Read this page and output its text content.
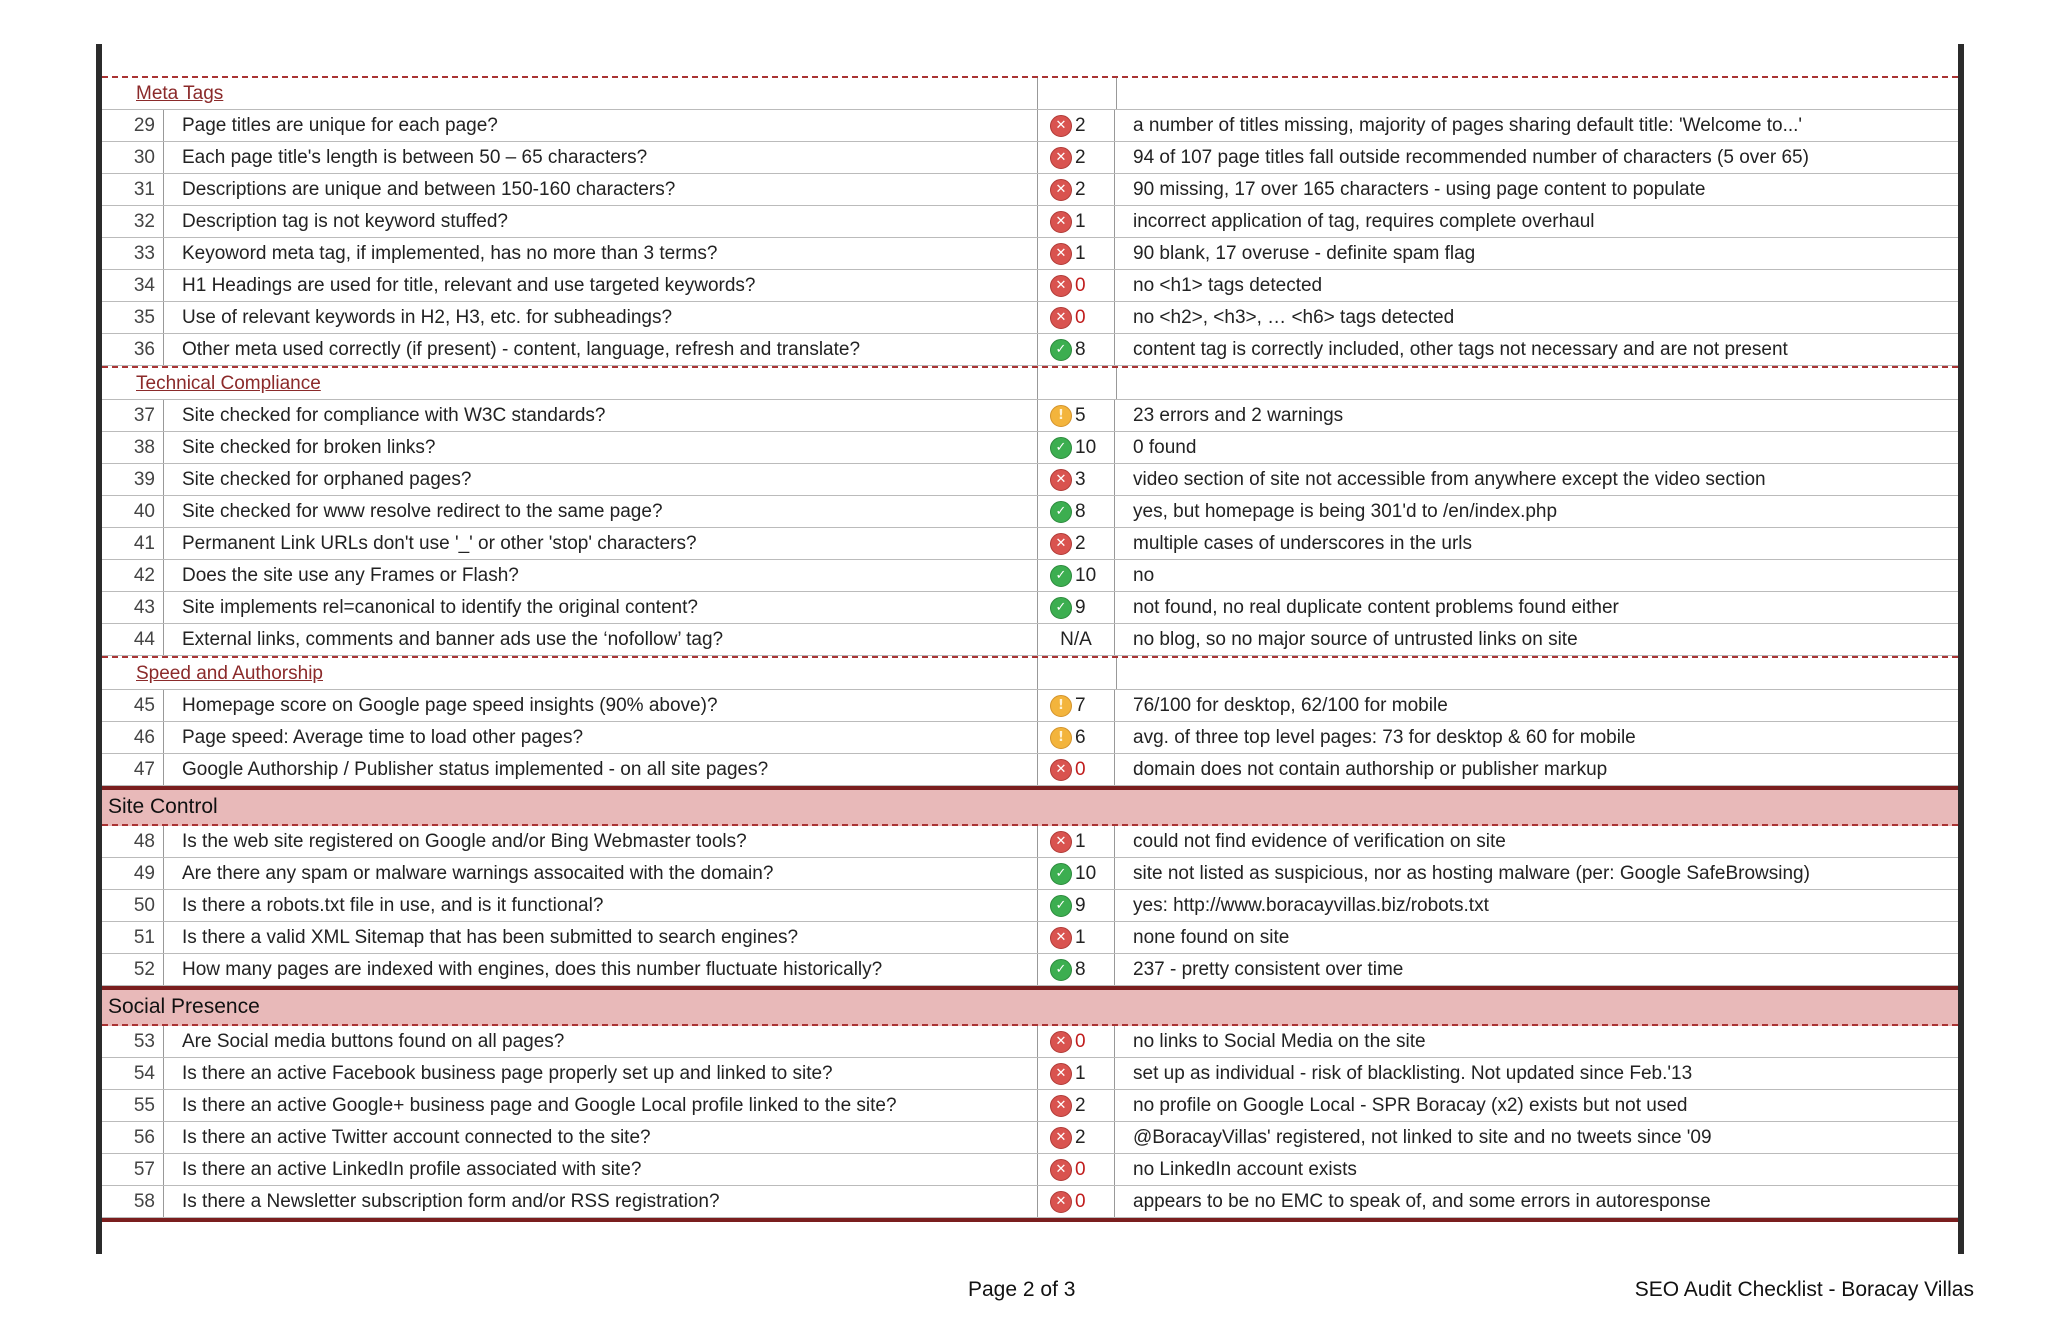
Meta Tags
29	Page titles are unique for each page?	✕ 2	a number of titles missing, majority of pages sharing default title: 'Welcome to...'
30	Each page title's length is between 50 – 65 characters?	✕ 2	94 of 107 page titles fall outside recommended number of characters (5 over 65)
31	Descriptions are unique and between 150-160 characters?	✕ 2	90 missing, 17 over 165 characters - using page content to populate
32	Description tag is not keyword stuffed?	✕ 1	incorrect application of tag, requires complete overhaul
33	Keyoword meta tag, if implemented, has no more than 3 terms?	✕ 1	90 blank, 17 overuse - definite spam flag
34	H1 Headings are used for title, relevant and use targeted keywords?	✕ 0	no <h1> tags detected
35	Use of relevant keywords in H2, H3, etc. for subheadings?	✕ 0	no <h2>, <h3>, … <h6> tags detected
36	Other meta used correctly (if present) - content, language, refresh and translate?	✓ 8	content tag is correctly included, other tags not necessary and are not present
Technical Compliance
37	Site checked for compliance with W3C standards?	! 5	23 errors and 2 warnings
38	Site checked for broken links?	✓ 10	0 found
39	Site checked for orphaned pages?	✕ 3	video section of site not accessible from anywhere except the video section
40	Site checked for www resolve redirect to the same page?	✓ 8	yes, but homepage is being 301'd to /en/index.php
41	Permanent Link URLs don't use '_' or other 'stop' characters?	✕ 2	multiple cases of underscores in the urls
42	Does the site use any Frames or Flash?	✓ 10	no
43	Site implements rel=canonical to identify the original content?	✓ 9	not found, no real duplicate content problems found either
44	External links, comments and banner ads use the ‘nofollow’ tag?	N/A	no blog, so no major source of untrusted links on site
Speed and Authorship
45	Homepage score on Google page speed insights (90% above)?	! 7	76/100 for desktop, 62/100 for mobile
46	Page speed: Average time to load other pages?	! 6	avg. of three top level pages: 73 for desktop & 60 for mobile
47	Google Authorship / Publisher status implemented - on all site pages?	✕ 0	domain does not contain authorship or publisher markup
Site Control
48	Is the web site registered on Google and/or Bing Webmaster tools?	✕ 1	could not find evidence of verification on site
49	Are there any spam or malware warnings assocaited with the domain?	✓ 10	site not listed as suspicious, nor as hosting malware (per: Google SafeBrowsing)
50	Is there a robots.txt file in use, and is it functional?	✓ 9	yes: http://www.boracayvillas.biz/robots.txt
51	Is there a valid XML Sitemap that has been submitted to search engines?	✕ 1	none found on site
52	How many pages are indexed with engines, does this number fluctuate historically?	✓ 8	237 - pretty consistent over time
Social Presence
53	Are Social media buttons found on all pages?	✕ 0	no links to Social Media on the site
54	Is there an active Facebook business page properly set up and linked to site?	✕ 1	set up as individual - risk of blacklisting. Not updated since Feb.'13
55	Is there an active Google+ business page and Google Local profile linked to the site?	✕ 2	no profile on Google Local - SPR Boracay (x2) exists but not used
56	Is there an active Twitter account connected to the site?	✕ 2	@BoracayVillas' registered, not linked to site and no tweets since '09
57	Is there an active LinkedIn profile associated with site?	✕ 0	no LinkedIn account exists
58	Is there a Newsletter subscription form and/or RSS registration?	✕ 0	appears to be no EMC to speak of, and some errors in autoresponse
Page 2 of 3	SEO Audit Checklist - Boracay Villas
